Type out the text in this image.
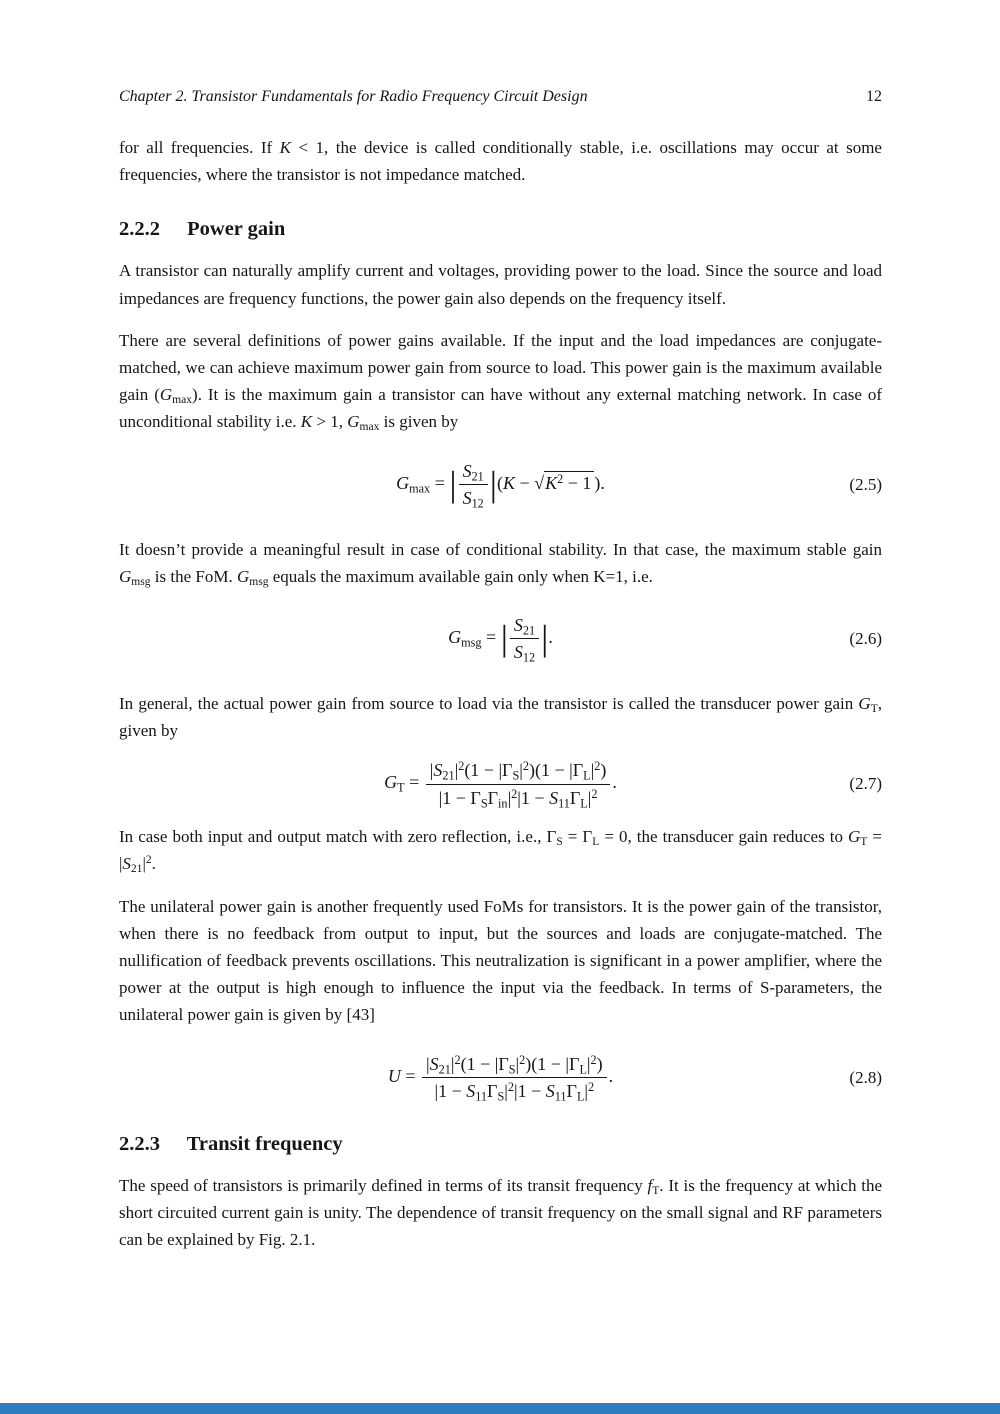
Chapter 2. Transistor Fundamentals for Radio Frequency Circuit Design	12

for all frequencies. If K < 1, the device is called conditionally stable, i.e. oscillations may occur at some frequencies, where the transistor is not impedance matched.

2.2.2 Power gain

A transistor can naturally amplify current and voltages, providing power to the load. Since the source and load impedances are frequency functions, the power gain also depends on the frequency itself.

There are several definitions of power gains available. If the input and the load impedances are conjugate-matched, we can achieve maximum power gain from source to load. This power gain is the maximum available gain $(G_{max})$. It is the maximum gain a transistor can have without any external matching network. In case of unconditional stability i.e. K > 1, $G_{max}$ is given by

$G_{max}$ = | $\frac{S_{21}}{S_{12}} |(K - √K^2 - 1$ ).	(2.5)

It doesn’t provide a meaningful result in case of conditional stability. In that case, the maximum stable gain $G_{msg}$ is the FoM. $G_{msg}$ equals the maximum available gain only when K=1, i.e.

$G_{msg}$ = | $\frac{S_{21}}{S_{12}}$ |.	(2.6)

In general, the actual power gain from source to load via the transistor is called the transducer power gain $G_T$, given by

$G_T = \frac{|S_{21}|^2(1 - |\Gamma_S|^2)(1 - |\Gamma_L|^2)}{|1 - \Gamma_S\Gamma_{in}|^2|1 - S_{11}\Gamma_L|^2}$ .	(2.7)

In case both input and output match with zero reflection, i.e., $\Gamma_S = \Gamma_L = 0$, the transducer gain reduces to $G_T = |S_{21}|^2$.

The unilateral power gain is another frequently used FoMs for transistors. It is the power gain of the transistor, when there is no feedback from output to input, but the sources and loads are conjugate-matched. The nullification of feedback prevents oscillations. This neutralization is significant in a power amplifier, where the power at the output is high enough to influence the input via the feedback. In terms of S-parameters, the unilateral power gain is given by [43]

$U = \frac{|S_{21}|^2(1 - |\Gamma_S|^2)(1 - |\Gamma_L|^2)}{|1 - S_{11}\Gamma_S|^2|1 - S_{11}\Gamma_L|^2}$ .	(2.8)
2.2.3 Transit frequency

The speed of transistors is primarily defined in terms of its transit frequency $f_T$. It is the frequency at which the short circuited current gain is unity. The dependence of transit frequency on the small signal and RF parameters can be explained by Fig. 2.1.
